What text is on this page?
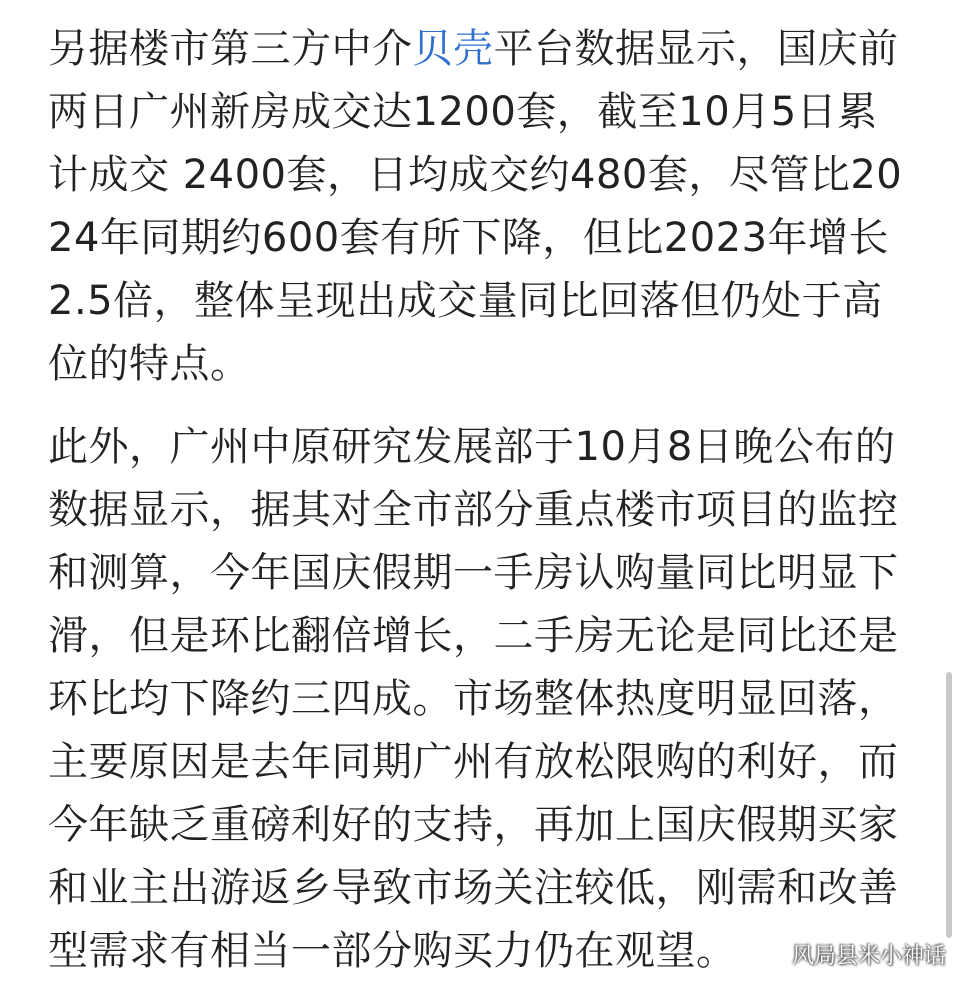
另据楼市第三方中介贝壳平台数据显示，国庆前两日广州新房成交达1200套，截至10月5日累计成交 2400套，日均成交约480套，尽管比2024年同期约600套有所下降，但比2023年增长 2.5倍，整体呈现出成交量同比回落但仍处于高位的特点。

此外，广州中原研究发展部于10月8日晚公布的数据显示，据其对全市部分重点楼市项目的监控和测算，今年国庆假期一手房认购量同比明显下滑，但是环比翻倍增长，二手房无论是同比还是环比均下降约三四成。市场整体热度明显回落，主要原因是去年同期广州有放松限购的利好，而今年缺乏重磅利好的支持，再加上国庆假期买家和业主出游返乡导致市场关注较低，刚需和改善型需求有相当一部分购买力仍在观望。	风局县米小神话
